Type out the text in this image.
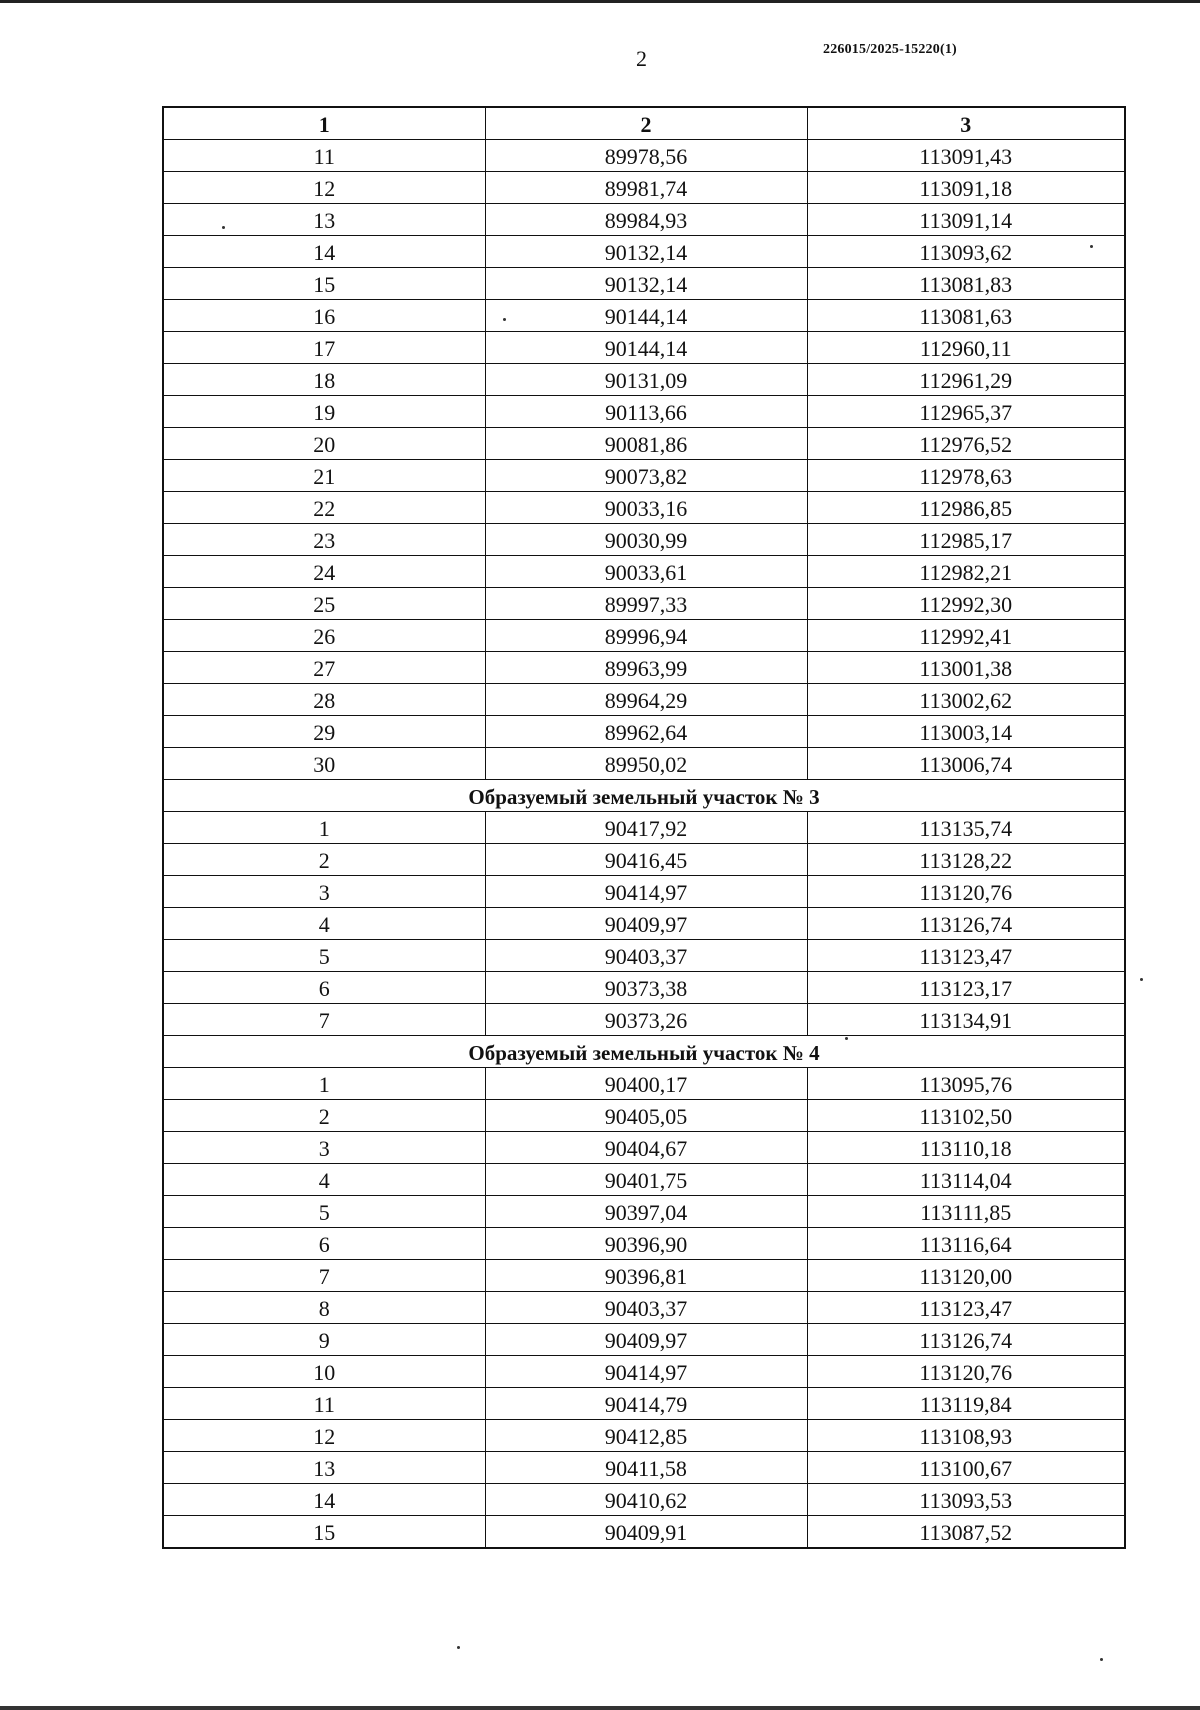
2	226015/2025-15220(1)
1	2	3
11	89978,56	113091,43
12	89981,74	113091,18
13	89984,93	113091,14
14	90132,14	113093,62
15	90132,14	113081,83
16	90144,14	113081,63
17	90144,14	112960,11
18	90131,09	112961,29
19	90113,66	112965,37
20	90081,86	112976,52
21	90073,82	112978,63
22	90033,16	112986,85
23	90030,99	112985,17
24	90033,61	112982,21
25	89997,33	112992,30
26	89996,94	112992,41
27	89963,99	113001,38
28	89964,29	113002,62
29	89962,64	113003,14
30	89950,02	113006,74
Образуемый земельный участок № 3		
1	90417,92	113135,74
2	90416,45	113128,22
3	90414,97	113120,76
4	90409,97	113126,74
5	90403,37	113123,47
6	90373,38	113123,17
7	90373,26	113134,91
Образуемый земельный участок № 4		
1	90400,17	113095,76
2	90405,05	113102,50
3	90404,67	113110,18
4	90401,75	113114,04
5	90397,04	113111,85
6	90396,90	113116,64
7	90396,81	113120,00
8	90403,37	113123,47
9	90409,97	113126,74
10	90414,97	113120,76
11	90414,79	113119,84
12	90412,85	113108,93
13	90411,58	113100,67
14	90410,62	113093,53
15	90409,91	113087,52
